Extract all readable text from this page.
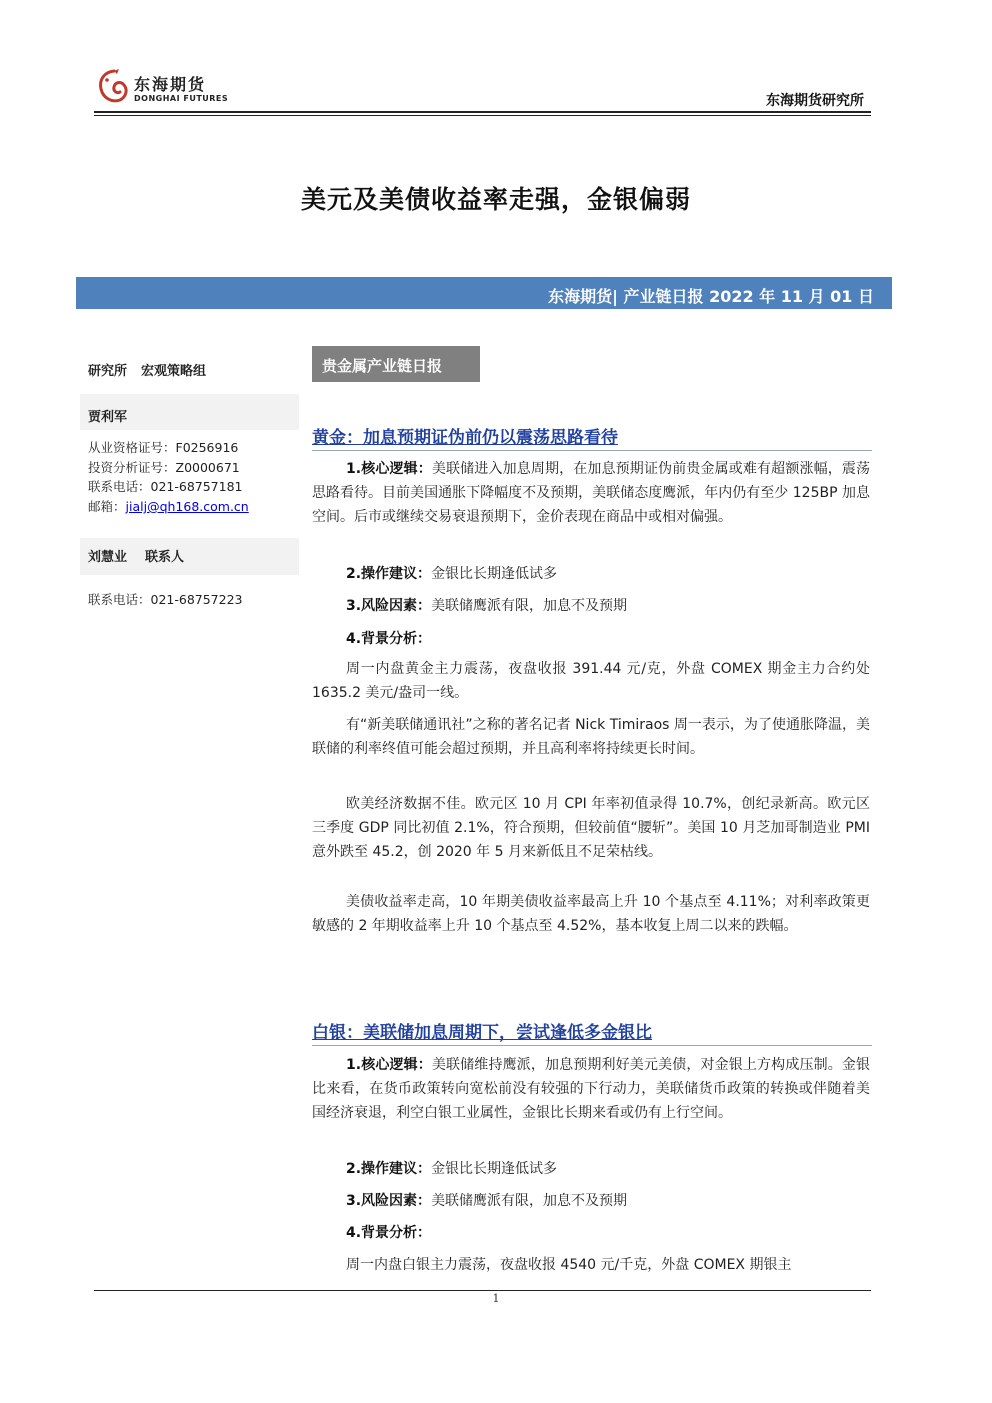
东海期货
DONGHAI FUTURES	东海期货研究所
美元及美债收益率走强，金银偏弱
东海期货| 产业链日报 2022 年 11 月 01 日
研究所 宏观策略组
贾利军
从业资格证号：F0256916
投资分析证号：Z0000671
联系电话：021-68757181
邮箱：jialj@qh168.com.cn
刘慧业 联系人
联系电话：021-68757223
贵金属产业链日报
黄金：加息预期证伪前仍以震荡思路看待
1.核心逻辑：美联储进入加息周期，在加息预期证伪前贵金属或难有超额涨幅，震荡思路看待。目前美国通胀下降幅度不及预期，美联储态度鹰派，年内仍有至少 125BP 加息空间。后市或继续交易衰退预期下，金价表现在商品中或相对偏强。
2.操作建议：金银比长期逢低试多
3.风险因素：美联储鹰派有限，加息不及预期
4.背景分析：
周一内盘黄金主力震荡，夜盘收报 391.44 元/克，外盘 COMEX 期金主力合约处 1635.2 美元/盎司一线。
有“新美联储通讯社”之称的著名记者 Nick Timiraos 周一表示，为了使通胀降温，美联储的利率终值可能会超过预期，并且高利率将持续更长时间。
欧美经济数据不佳。欧元区 10 月 CPI 年率初值录得 10.7%，创纪录新高。欧元区三季度 GDP 同比初值 2.1%，符合预期，但较前值“腰斩”。美国 10 月芝加哥制造业 PMI 意外跌至 45.2，创 2020 年 5 月来新低且不足荣枯线。
美债收益率走高，10 年期美债收益率最高上升 10 个基点至 4.11%；对利率政策更敏感的 2 年期收益率上升 10 个基点至 4.52%，基本收复上周二以来的跌幅。
白银：美联储加息周期下，尝试逢低多金银比
1.核心逻辑：美联储维持鹰派，加息预期利好美元美债，对金银上方构成压制。金银比来看，在货币政策转向宽松前没有较强的下行动力，美联储货币政策的转换或伴随着美国经济衰退，利空白银工业属性，金银比长期来看或仍有上行空间。
2.操作建议：金银比长期逢低试多
3.风险因素：美联储鹰派有限，加息不及预期
4.背景分析：
周一内盘白银主力震荡，夜盘收报 4540 元/千克，外盘 COMEX 期银主
1
